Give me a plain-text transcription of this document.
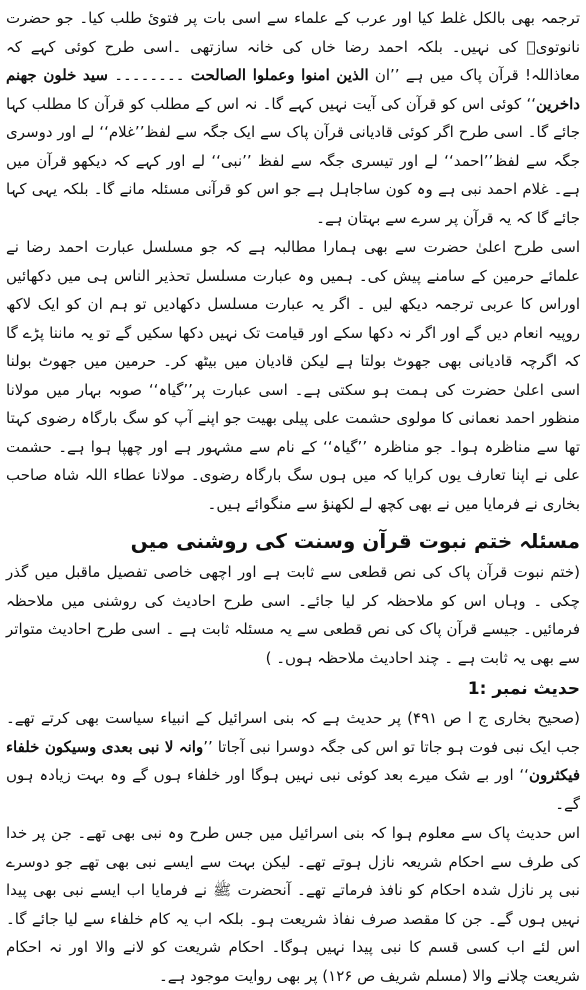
ترجمہ بھی بالکل غلط کیا اور عرب کے علماء سے اسی بات پر فتوئ طلب کیا۔ جو حضرت نانوتویؒ کی نہیں۔ بلکہ احمد رضا خاں کی خانہ سازتھی ۔اسی طرح کوئی کہے کہ معاذاللہ! قرآن پاک میں ہے ’’ان الذین امنوا وعملوا الصالحت ۔۔۔۔۔۔۔۔ سید خلون جھنم داخرین‘‘ کوئی اس کو قرآن کی آیت نہیں کہے گا۔ نہ اس کے مطلب کو قرآن کا مطلب کہا جائے گا۔ اسی طرح اگر کوئی قادیانی قرآن پاک سے ایک جگہ سے لفظ’’غلام‘‘ لے اور دوسری جگہ سے لفظ’’احمد‘‘ لے اور تیسری جگہ سے لفظ ’’نبی‘‘ لے اور کہے کہ دیکھو قرآن میں ہے۔ غلام احمد نبی ہے وہ کون ساجاہل ہے جو اس کو قرآنی مسئلہ مانے گا۔ بلکہ یہی کہا جائے گا کہ یہ قرآن پر سرے سے بہتان ہے۔

اسی طرح اعلیٰ حضرت سے بھی ہمارا مطالبہ ہے کہ جو مسلسل عبارت احمد رضا نے علمائے حرمین کے سامنے پیش کی۔ ہمیں وہ عبارت مسلسل تحذیر الناس ہی میں دکھائیں اوراس کا عربی ترجمہ دیکھ لیں ۔ اگر یہ عبارت مسلسل دکھادیں تو ہم ان کو ایک لاکھ روپیہ انعام دیں گے اور اگر نہ دکھا سکے اور قیامت تک نہیں دکھا سکیں گے تو یہ ماننا پڑے گا کہ اگرچہ قادیانی بھی جھوٹ بولتا ہے لیکن قادیان میں بیٹھ کر۔ حرمین میں جھوٹ بولنا اسی اعلیٰ حضرت کی ہمت ہو سکتی ہے۔ اسی عبارت پر’’گیاہ‘‘ صوبہ بہار میں مولانا منظور احمد نعمانی کا مولوی حشمت علی پیلی بھیت جو اپنے آپ کو سگ بارگاہ رضوی کہتا تھا سے مناظرہ ہوا۔ جو مناظرہ ’’گیاہ‘‘ کے نام سے مشہور ہے اور چھپا ہوا ہے۔ حشمت علی نے اپنا تعارف یوں کرایا کہ میں ہوں سگ بارگاہ رضوی۔ مولانا عطاء اللہ شاہ صاحب بخاری نے فرمایا میں نے بھی کچھ لے لکھنؤ سے منگوائے ہیں۔

مسئلہ ختم نبوت قرآن وسنت کی روشنی میں

(ختم نبوت قرآن پاک کی نص قطعی سے ثابت ہے اور اچھی خاصی تفصیل ماقبل میں گذر چکی ۔ وہاں اس کو ملاحظہ کر لیا جائے۔ اسی طرح احادیث کی روشنی میں ملاحظہ فرمائیں۔ جیسے قرآن پاک کی نص قطعی سے یہ مسئلہ ثابت ہے ۔ اسی طرح احادیث متواتر سے بھی یہ ثابت ہے ۔ چند احادیث ملاحظہ ہوں۔ )

حدیث نمبر :1

(صحیح بخاری ج ا ص ۴۹۱) پر حدیث ہے کہ بنی اسرائیل کے انبیاء سیاست بھی کرتے تھے۔ جب ایک نبی فوت ہو جاتا تو اس کی جگہ دوسرا نبی آجاتا ’’وانہ لا نبی بعدی وسیکون خلفاء فیکثرون‘‘ اور بے شک میرے بعد کوئی نبی نہیں ہوگا اور خلفاء ہوں گے وہ بہت زیادہ ہوں گے۔

اس حدیث پاک سے معلوم ہوا کہ بنی اسرائیل میں جس طرح وہ نبی بھی تھے۔ جن پر خدا کی طرف سے احکام شریعہ نازل ہوتے تھے۔ لیکن بہت سے ایسے نبی بھی تھے جو دوسرے نبی پر نازل شدہ احکام کو نافذ فرماتے تھے۔ آنحضرت ﷺ نے فرمایا اب ایسے نبی بھی پیدا نہیں ہوں گے۔ جن کا مقصد صرف نفاذ شریعت ہو۔ بلکہ اب یہ کام خلفاء سے لیا جائے گا۔ اس لئے اب کسی قسم کا نبی پیدا نہیں ہوگا۔ احکام شریعت کو لانے والا اور نہ احکام شریعت چلانے والا (مسلم شریف ص ۱۲۶) پر بھی روایت موجود ہے۔
